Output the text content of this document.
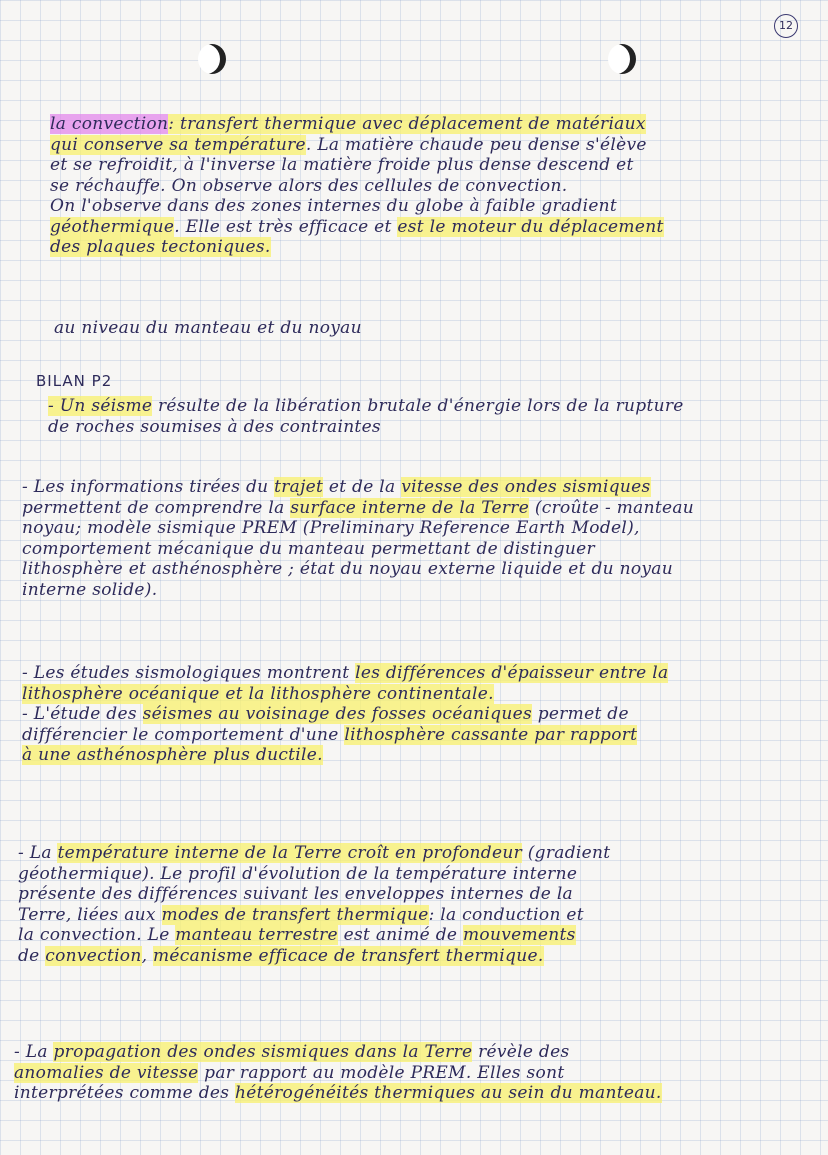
12
la convection: transfert thermique avec déplacement de matériaux
qui conserve sa température. La matière chaude peu dense s'élève
et se refroidit, à l'inverse la matière froide plus dense descend et
se réchauffe. On observe alors des cellules de convection.
On l'observe dans des zones internes du globe à faible gradient
géothermique. Elle est très efficace et est le moteur du déplacement
des plaques tectoniques.
au niveau du manteau et du noyau
BILAN P2
- Un séisme résulte de la libération brutale d'énergie lors de la rupture
de roches soumises à des contraintes
- Les informations tirées du trajet et de la vitesse des ondes sismiques
permettent de comprendre la surface interne de la Terre (croûte - manteau
noyau; modèle sismique PREM (Preliminary Reference Earth Model),
comportement mécanique du manteau permettant de distinguer
lithosphère et asthénosphère ; état du noyau externe liquide et du noyau
interne solide).
- Les études sismologiques montrent les différences d'épaisseur entre la
lithosphère océanique et la lithosphère continentale.
- L'étude des séismes au voisinage des fosses océaniques permet de
différencier le comportement d'une lithosphère cassante par rapport
à une asthénosphère plus ductile.
- La température interne de la Terre croît en profondeur (gradient
géothermique). Le profil d'évolution de la température interne
présente des différences suivant les enveloppes internes de la
Terre, liées aux modes de transfert thermique: la conduction et
la convection. Le manteau terrestre est animé de mouvements
de convection, mécanisme efficace de transfert thermique.
- La propagation des ondes sismiques dans la Terre révèle des
anomalies de vitesse par rapport au modèle PREM. Elles sont
interprétées comme des hétérogénéités thermiques au sein du manteau.
